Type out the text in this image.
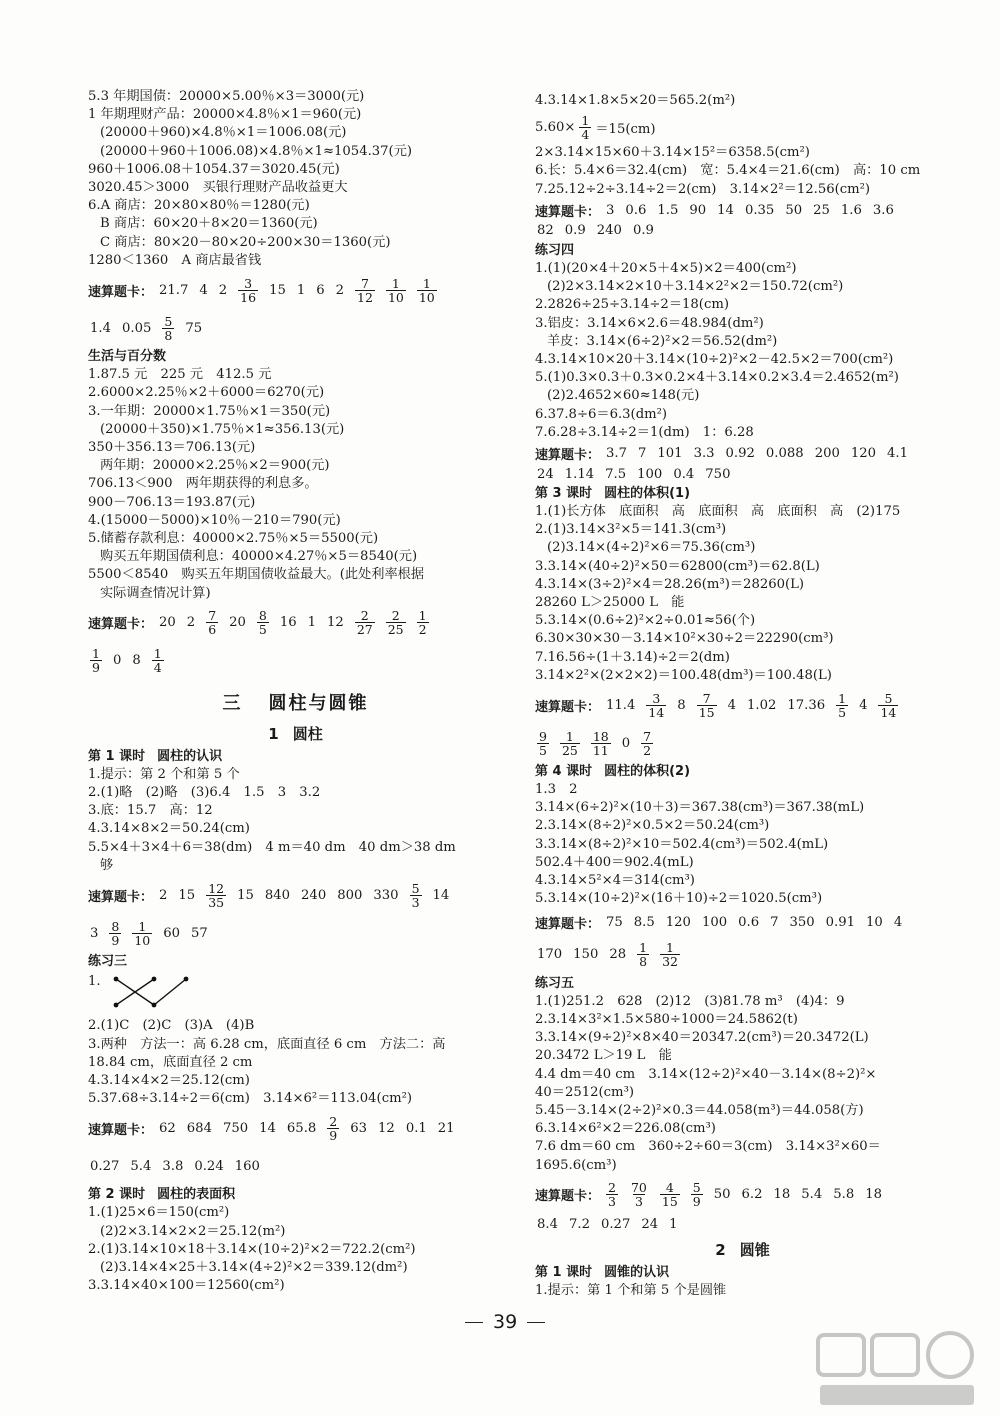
5.3 年期国债：20000×5.00％×3＝3000(元)

1 年期理财产品：20000×4.8％×1＝960(元)

(20000＋960)×4.8％×1＝1006.08(元)

(20000＋960＋1006.08)×4.8％×1≈1054.37(元)

960＋1006.08＋1054.37＝3020.45(元)

3020.45＞3000　买银行理财产品收益更大

6.A 商店：20×80×80％＝1280(元)

B 商店：60×20＋8×20＝1360(元)

C 商店：80×20－80×20÷200×30＝1360(元)

1280＜1360　A 商店最省钱

速算题卡： 21.7 4 $2 \frac{3}{16} 15$ 1 6 $2 \frac{7}{12} \frac{1}{10} \frac{1}{10}$
1.4 $0.05 \frac{5}{8} 75$

生活与百分数

1.87.5 元　225 元　412.5 元

2.6000×2.25％×2＋6000＝6270(元)

3.一年期：20000×1.75％×1＝350(元)

(20000＋350)×1.75％×1≈356.13(元)

350＋356.13＝706.13(元)

两年期：20000×2.25％×2＝900(元)

706.13＜900　两年期获得的利息多。

900－706.13＝193.87(元)

4.(15000－5000)×10％－210＝790(元)

5.储蓄存款利息：40000×2.75％×5＝5500(元)

购买五年期国债利息：40000×4.27％×5＝8540(元)

5500＜8540　购买五年期国债收益最大。(此处利率根据

实际调查情况计算)

速算题卡： 20 $2 \frac{7}{6} 20 \frac{8}{5} 16$ 1 $12 \frac{2}{27} \frac{2}{25} \frac{1}{2}$
$\frac{1}{9} 0$ $8 \frac{1}{4}$
三 圆柱与圆锥
1 圆柱
第 1 课时 圆柱的认识

1.提示：第 2 个和第 5 个

2.(1)略　(2)略　(3)6.4　1.5　3　3.2

3.底：15.7　高：12

4.3.14×8×2＝50.24(cm)

5.5×4＋3×4＋6＝38(dm)　4 m＝40 dm　40 dm＞38 dm

够

速算题卡： 2 $15 \frac{12}{35} 15$ 840 240 800 $330 \frac{5}{3} 14$
$3 \frac{8}{9} \frac{1}{10} 60$ 57

练习三

1.

2.(1)C　(2)C　(3)A　(4)B

3.两种　方法一：高 6.28 cm，底面直径 6 cm　方法二：高

18.84 cm，底面直径 2 cm

4.3.14×4×2＝25.12(cm)

5.37.68÷3.14÷2＝6(cm)　3.14×6²＝113.04(cm²)

速算题卡： 62 684 750 14 $65.8 \frac{2}{9} 63$ 12 0.1 21
0.27 5.4 3.8 0.24 160
第 2 课时 圆柱的表面积

1.(1)25×6＝150(cm²)

(2)2×3.14×2×2＝25.12(m²)

2.(1)3.14×10×18＋3.14×(10÷2)²×2＝722.2(cm²)

(2)3.14×4×25＋3.14×(4÷2)²×2＝339.12(dm²)

3.3.14×40×100＝12560(cm²)

4.3.14×1.8×5×20＝565.2(m²)

$5.60\times \frac{1}{4} =15(cm)$

2×3.14×15×60＋3.14×15²＝6358.5(cm²)

6.长：5.4×6＝32.4(cm)　宽：5.4×4＝21.6(cm)　高：10 cm

7.25.12÷2÷3.14÷2＝2(cm)　3.14×2²＝12.56(cm²)

速算题卡： 3 0.6 1.5 90 14 0.35 50 25 1.6 3.6
82 0.9 240 0.9

练习四

1.(1)(20×4＋20×5＋4×5)×2＝400(cm²)

(2)2×3.14×2×10＋3.14×2²×2＝150.72(cm²)

2.2826÷25÷3.14÷2＝18(cm)

3.铝皮：3.14×6×2.6＝48.984(dm²)

羊皮：3.14×(6÷2)²×2＝56.52(dm²)

4.3.14×10×20＋3.14×(10÷2)²×2－42.5×2＝700(cm²)

5.(1)0.3×0.3＋0.3×0.2×4＋3.14×0.2×3.4＝2.4652(m²)

(2)2.4652×60≈148(元)

6.37.8÷6＝6.3(dm²)

7.6.28÷3.14÷2＝1(dm)　1：6.28

速算题卡： 3.7 7 101 3.3 0.92 0.088 200 120 4.1
24 1.14 7.5 100 0.4 750
第 3 课时 圆柱的体积(1)

1.(1)长方体　底面积　高　底面积　高　底面积　高　(2)175

2.(1)3.14×3²×5＝141.3(cm³)

(2)3.14×(4÷2)²×6＝75.36(cm³)

3.3.14×(40÷2)²×50＝62800(cm³)＝62.8(L)

4.3.14×(3÷2)²×4＝28.26(m³)＝28260(L)

28260 L＞25000 L　能

5.3.14×(0.6÷2)²×2÷0.01≈56(个)

6.30×30×30－3.14×10²×30÷2＝22290(cm³)

7.16.56÷(1＋3.14)÷2＝2(dm)

3.14×2²×(2×2×2)＝100.48(dm³)＝100.48(L)

速算题卡： $11.4 \frac{3}{14} 8 \frac{7}{15} 4$ 1.02 $17.36 \frac{1}{5} 4 \frac{5}{14}$
$\frac{9}{5} \frac{1}{25} \frac{18}{11} 0 \frac{7}{2}$
第 4 课时 圆柱的体积(2)

1.3　2

3.14×(6÷2)²×(10＋3)＝367.38(cm³)＝367.38(mL)

2.3.14×(8÷2)²×0.5×2＝50.24(cm³)

3.3.14×(8÷2)²×10＝502.4(cm³)＝502.4(mL)

502.4＋400＝902.4(mL)

4.3.14×5²×4＝314(cm³)

5.3.14×(10÷2)²×(16＋10)÷2＝1020.5(cm³)

速算题卡： 75 8.5 120 100 0.6 7 350 0.91 10 4
170 150 $28 \frac{1}{8} \frac{1}{32}$

练习五

1.(1)251.2　628　(2)12　(3)81.78 m³　(4)4：9

2.3.14×3²×1.5×580÷1000＝24.5862(t)

3.3.14×(9÷2)²×8×40＝20347.2(cm³)＝20.3472(L)

20.3472 L＞19 L　能

4.4 dm＝40 cm　3.14×(12÷2)²×40－3.14×(8÷2)²×

40＝2512(cm³)

5.45－3.14×(2÷2)²×0.3＝44.058(m³)＝44.058(方)

6.3.14×6²×2＝226.08(cm³)

7.6 dm＝60 cm　360÷2÷60＝3(cm)　3.14×3²×60＝

1695.6(cm³)

速算题卡： $\frac{2}{3} \frac{70}{3} \frac{4}{15} \frac{5}{9} 50$ 6.2 18 5.4 5.8 18
8.4 7.2 0.27 24 1
2 圆锥
第 1 课时 圆锥的认识

1.提示：第 1 个和第 5 个是圆锥

39
